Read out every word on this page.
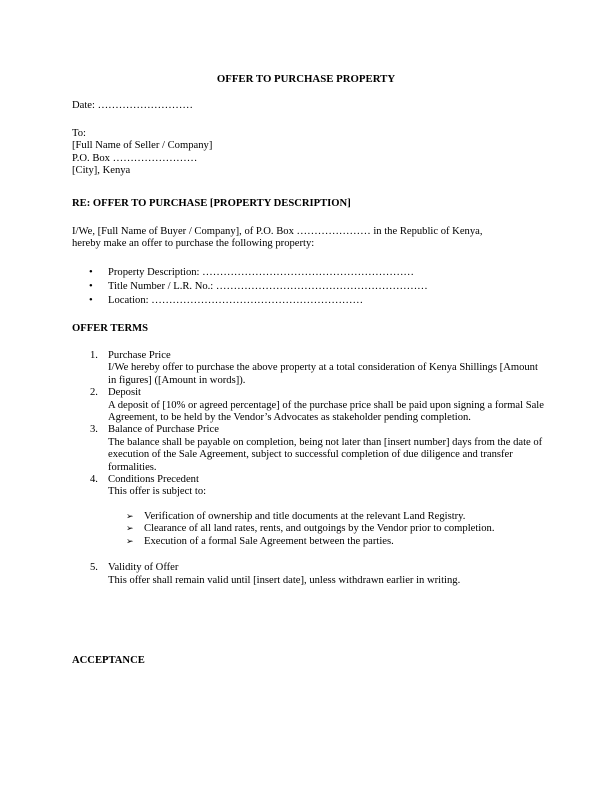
OFFER TO PURCHASE PROPERTY
Date: ………………………
To:
[Full Name of Seller / Company]
P.O. Box ……………………
[City], Kenya
RE: OFFER TO PURCHASE [PROPERTY DESCRIPTION]
I/We, [Full Name of Buyer / Company], of P.O. Box ………………… in the Republic of Kenya,
hereby make an offer to purchase the following property:
• Property Description: ……………………………………………………
• Title Number / L.R. No.: ……………………………………………………
• Location: ……………………………………………………
OFFER TERMS
1. Purchase Price
I/We hereby offer to purchase the above property at a total consideration of Kenya Shillings [Amount in figures] ([Amount in words]).
2. Deposit
A deposit of [10% or agreed percentage] of the purchase price shall be paid upon signing a formal Sale Agreement, to be held by the Vendor’s Advocates as stakeholder pending completion.
3. Balance of Purchase Price
The balance shall be payable on completion, being not later than [insert number] days from the date of execution of the Sale Agreement, subject to successful completion of due diligence and transfer formalities.
4. Conditions Precedent
This offer is subject to:
➢ Verification of ownership and title documents at the relevant Land Registry.
➢ Clearance of all land rates, rents, and outgoings by the Vendor prior to completion.
➢ Execution of a formal Sale Agreement between the parties.
5. Validity of Offer
This offer shall remain valid until [insert date], unless withdrawn earlier in writing.
ACCEPTANCE
